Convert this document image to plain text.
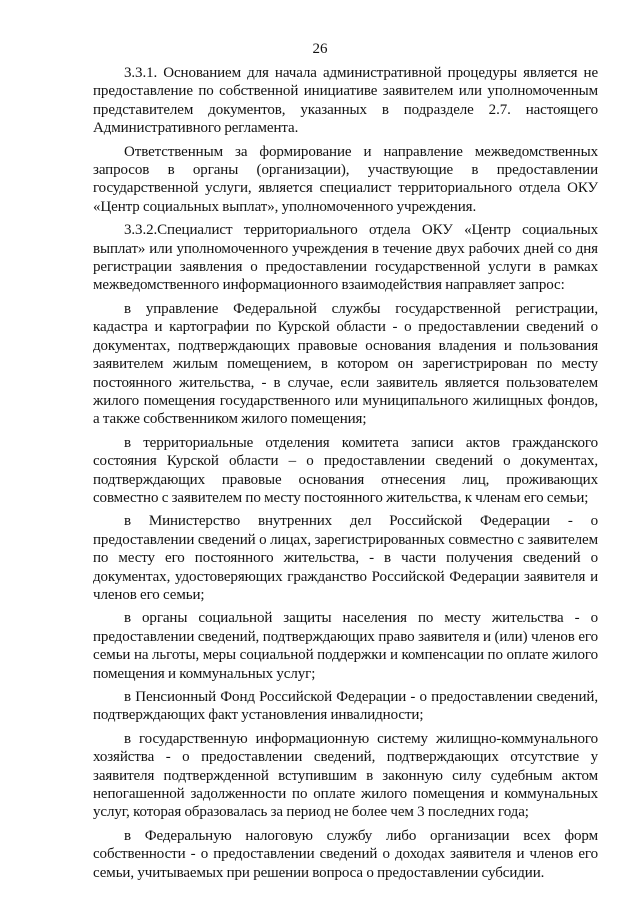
26

3.3.1. Основанием для начала административной процедуры является не предоставление по собственной инициативе заявителем или уполномоченным представителем документов, указанных в подразделе 2.7. настоящего Административного регламента.

Ответственным за формирование и направление межведомственных запросов в органы (организации), участвующие в предоставлении государственной услуги, является специалист территориального отдела ОКУ «Центр социальных выплат», уполномоченного учреждения.

3.3.2.Специалист территориального отдела ОКУ «Центр социальных выплат» или уполномоченного учреждения в течение двух рабочих дней со дня регистрации заявления о предоставлении государственной услуги в рамках межведомственного информационного взаимодействия направляет запрос:

в управление Федеральной службы государственной регистрации, кадастра и картографии по Курской области - о предоставлении сведений о документах, подтверждающих правовые основания владения и пользования заявителем жилым помещением, в котором он зарегистрирован по месту постоянного жительства, - в случае, если заявитель является пользователем жилого помещения государственного или муниципального жилищных фондов, а также собственником жилого помещения;

в территориальные отделения комитета записи актов гражданского состояния Курской области – о предоставлении сведений о документах, подтверждающих правовые основания отнесения лиц, проживающих совместно с заявителем по месту постоянного жительства, к членам его семьи;

в Министерство внутренних дел Российской Федерации - о предоставлении сведений о лицах, зарегистрированных совместно с заявителем по месту его постоянного жительства, - в части получения сведений о документах, удостоверяющих гражданство Российской Федерации заявителя и членов его семьи;

в органы социальной защиты населения по месту жительства - о предоставлении сведений, подтверждающих право заявителя и (или) членов его семьи на льготы, меры социальной поддержки и компенсации по оплате жилого помещения и коммунальных услуг;

в Пенсионный Фонд Российской Федерации - о предоставлении сведений, подтверждающих факт установления инвалидности;

в государственную информационную систему жилищно-коммунального хозяйства - о предоставлении сведений, подтверждающих отсутствие у заявителя подтвержденной вступившим в законную силу судебным актом непогашенной задолженности по оплате жилого помещения и коммунальных услуг, которая образовалась за период не более чем 3 последних года;

в Федеральную налоговую службу либо организации всех форм собственности - о предоставлении сведений о доходах заявителя и членов его семьи, учитываемых при решении вопроса о предоставлении субсидии.
